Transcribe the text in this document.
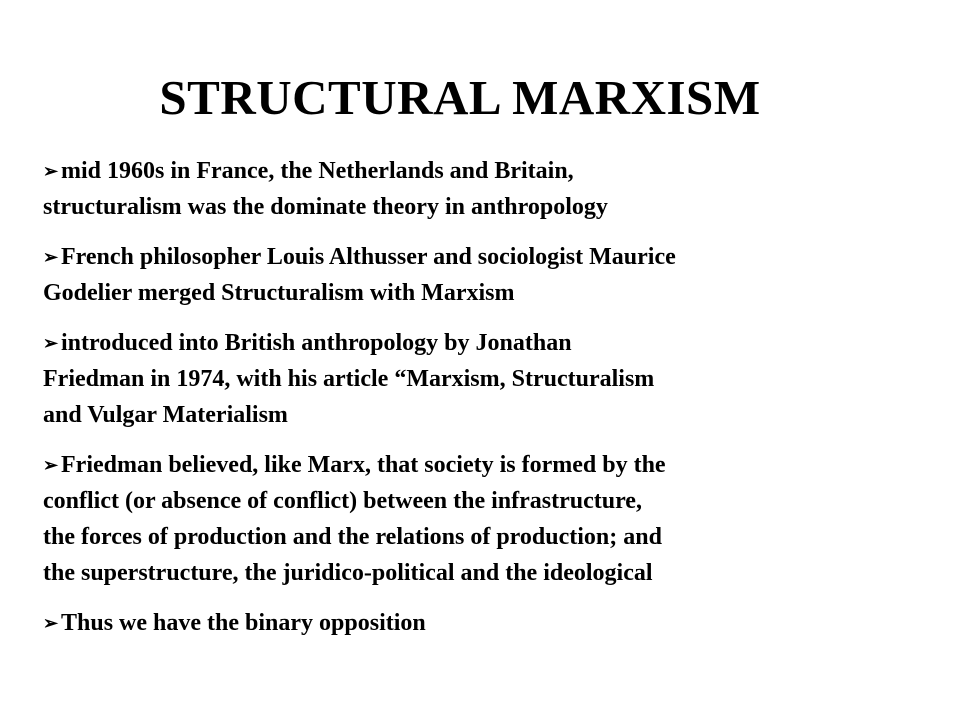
STRUCTURAL MARXISM
➢ mid 1960s in France, the Netherlands and Britain,
structuralism was the dominate theory in anthropology
➢ French philosopher Louis Althusser and sociologist Maurice
Godelier merged Structuralism with Marxism
➢ introduced into British anthropology by Jonathan
Friedman in 1974, with his article “Marxism, Structuralism
and Vulgar Materialism
➢ Friedman believed, like Marx, that society is formed by the
conflict (or absence of conflict) between the infrastructure,
the forces of production and the relations of production; and
the superstructure, the juridico-political and the ideological
➢ Thus we have the binary opposition
